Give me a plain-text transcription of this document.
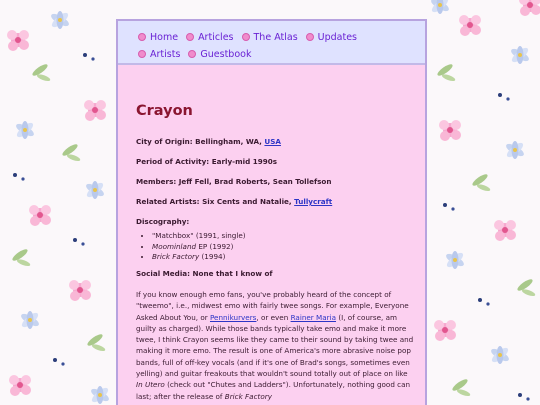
Home Articles The Atlas Updates
Artists Guestbook
Crayon

City of Origin: Bellingham, WA, USA

Period of Activity: Early-mid 1990s

Members: Jeff Fell, Brad Roberts, Sean Tollefson

Related Artists: Six Cents and Natalie, Tullycraft

Discography:

• "Matchbox" (1991, single)
• Moominland EP (1992)
• Brick Factory (1994)

Social Media: None that I know of

If you know enough emo fans, you've probably heard of the concept of "tweemo", i.e., midwest emo with fairly twee songs. For example, Everyone Asked About You, or Pennikurvers, or even Rainer Maria (I, of course, am guilty as charged). While those bands typically take emo and make it more twee, I think Crayon seems like they came to their sound by taking twee and making it more emo. The result is one of America's more abrasive noise pop bands, full of off-key vocals (and if it's one of Brad's songs, sometimes even yelling) and guitar freakouts that wouldn't sound totally out of place on like In Utero (check out "Chutes and Ladders"). Unfortunately, nothing good can last; after the release of Brick Factory
